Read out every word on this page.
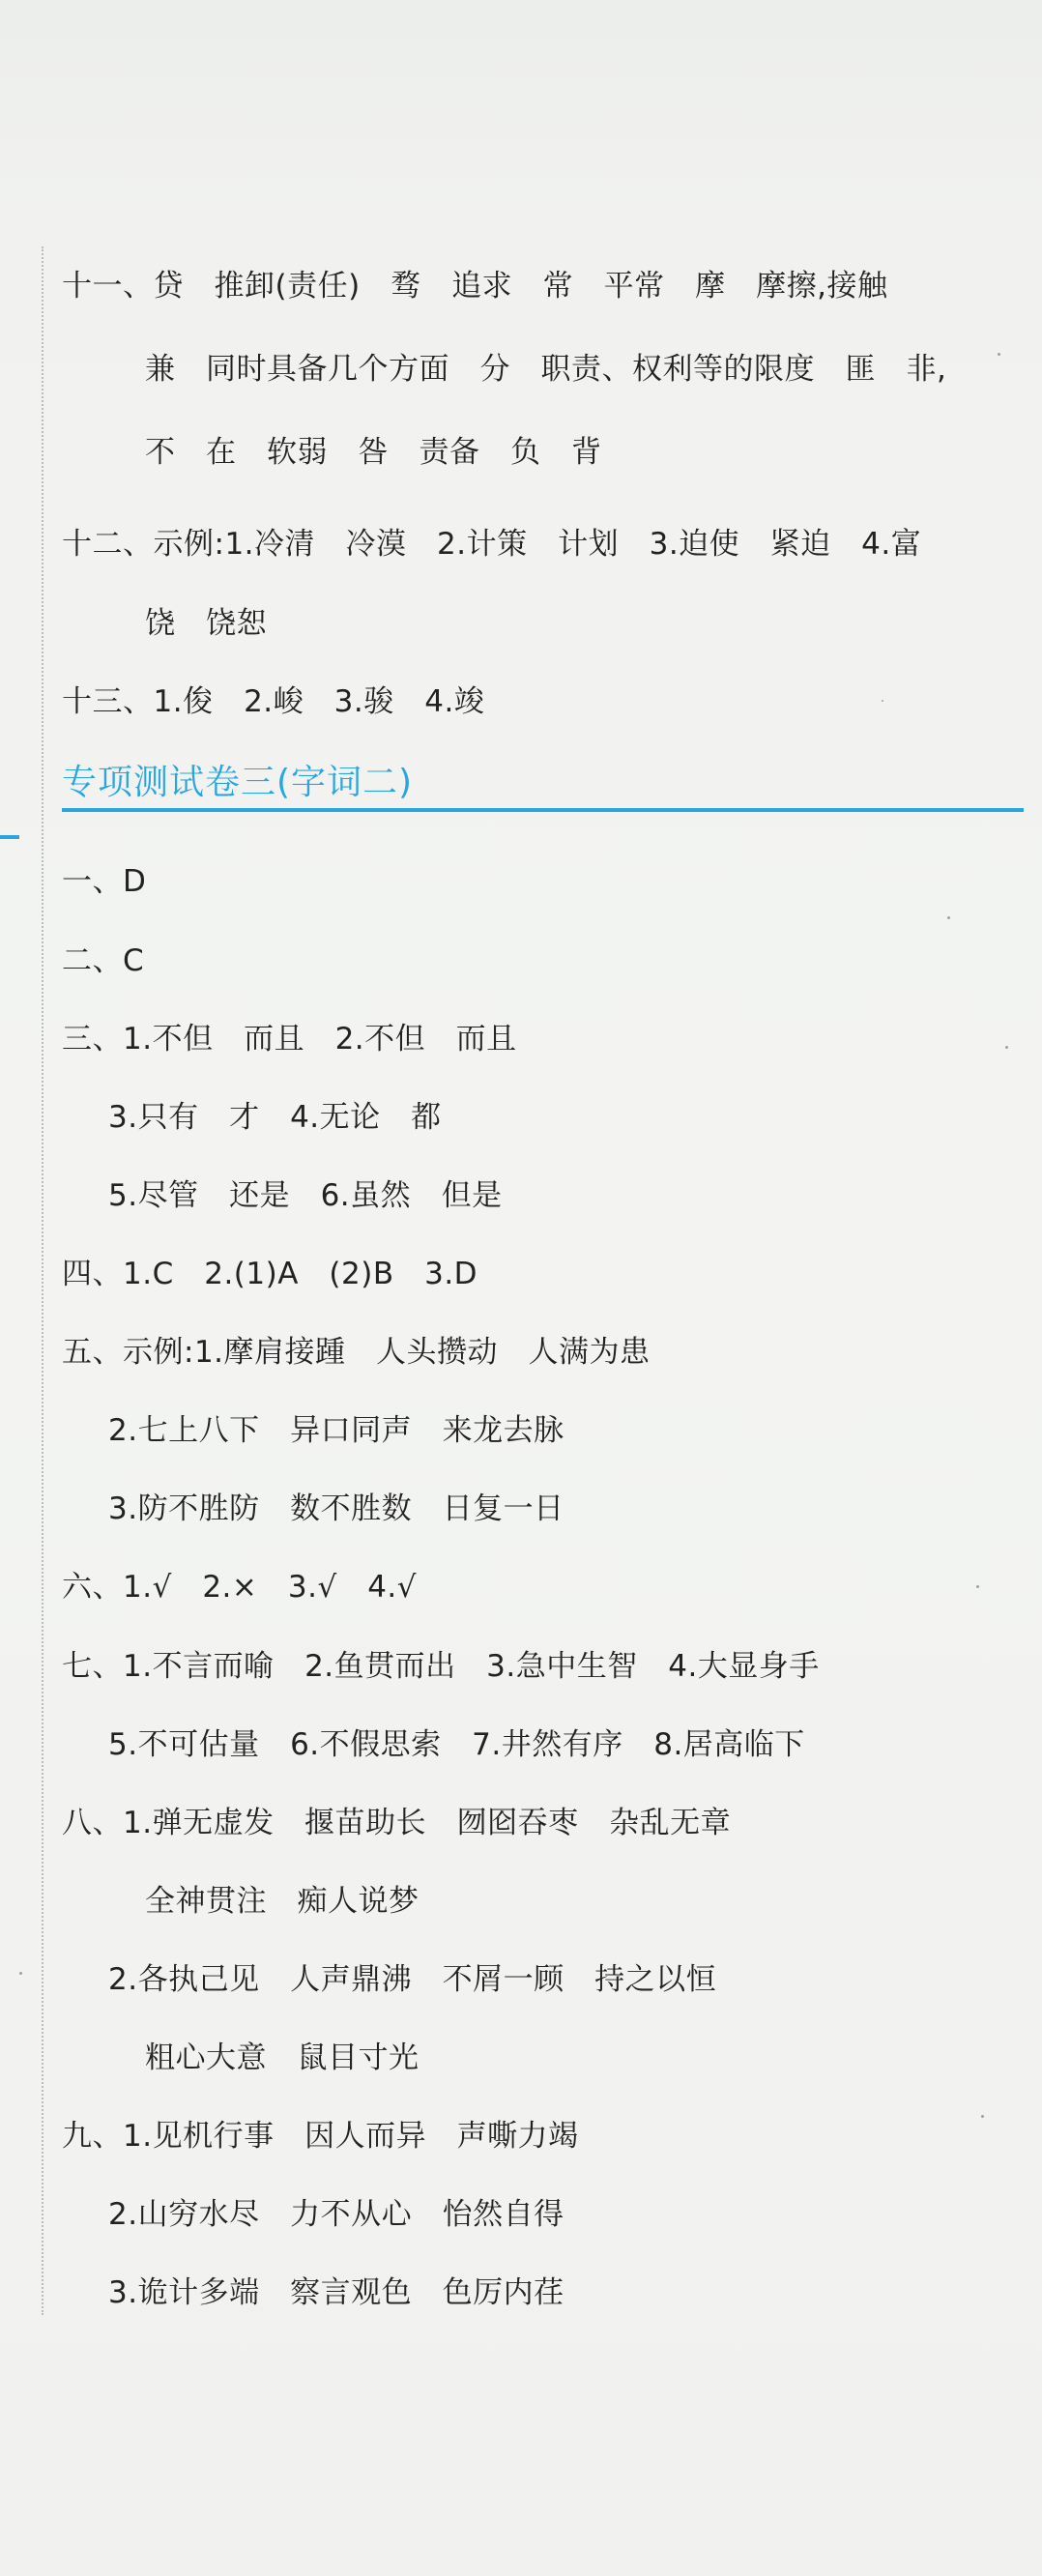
十一、贷　推卸(责任)　骛　追求　常　平常　摩　摩擦,接触
兼　同时具备几个方面　分　职责、权利等的限度　匪　非,
不　在　软弱　咎　责备　负　背
十二、示例:1.冷清　冷漠　2.计策　计划　3.迫使　紧迫　4.富
饶　饶恕
十三、1.俊　2.峻　3.骏　4.竣
专项测试卷三(字词二)
一、D
二、C
三、1.不但　而且　2.不但　而且
3.只有　才　4.无论　都
5.尽管　还是　6.虽然　但是
四、1.C　2.(1)A　(2)B　3.D
五、示例:1.摩肩接踵　人头攒动　人满为患
2.七上八下　异口同声　来龙去脉
3.防不胜防　数不胜数　日复一日
六、1.√　2.×　3.√　4.√
七、1.不言而喻　2.鱼贯而出　3.急中生智　4.大显身手
5.不可估量　6.不假思索　7.井然有序　8.居高临下
八、1.弹无虚发　揠苗助长　囫囵吞枣　杂乱无章
全神贯注　痴人说梦
2.各执己见　人声鼎沸　不屑一顾　持之以恒
粗心大意　鼠目寸光
九、1.见机行事　因人而异　声嘶力竭
2.山穷水尽　力不从心　怡然自得
3.诡计多端　察言观色　色厉内荏
